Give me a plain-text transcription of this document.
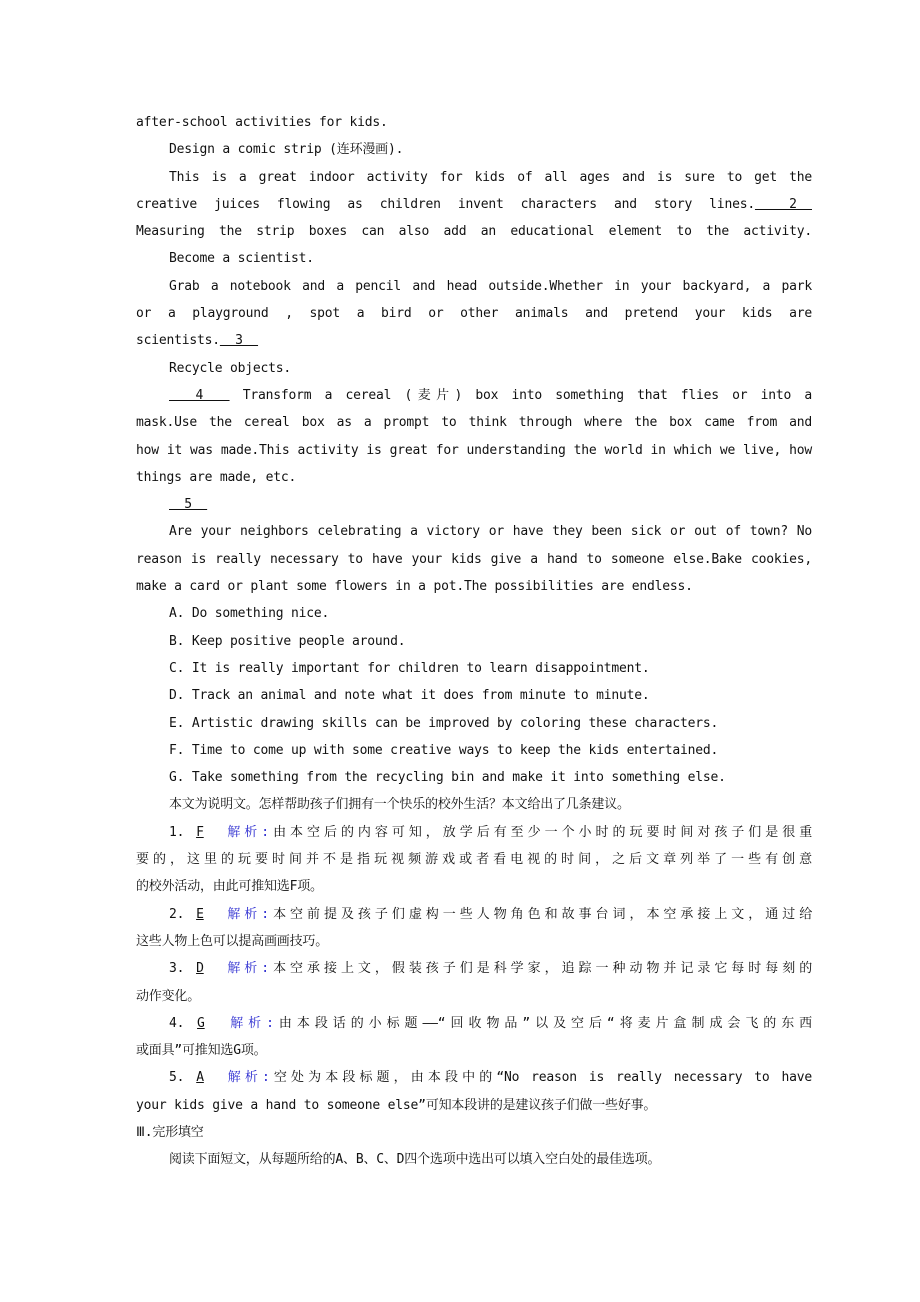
after-school activities for kids.
Design a comic strip (连环漫画).
This is a great indoor activity for kids of all ages and is sure to get the
creative juices flowing as children invent characters and story lines.  2
Measuring the strip boxes can also add an educational element to the activity.
Become a scientist.
Grab a notebook and a pencil and head outside.Whether in your backyard, a park
or a playground , spot a bird or other animals and pretend your kids are
scientists.  3
Recycle objects.
4   Transform a cereal (麦片) box into something that flies or into a
mask.Use the cereal box as a prompt to think through where the box came from and
how it was made.This activity is great for understanding the world in which we live, how
things are made, etc.
5
Are your neighbors celebrating a victory or have they been sick or out of town? No
reason is really necessary to have your kids give a hand to someone else.Bake cookies,
make a card or plant some flowers in a pot.The possibilities are endless.
A. Do something nice.
B. Keep positive people around.
C. It is really important for children to learn disappointment.
D. Track an animal and note what it does from minute to minute.
E. Artistic drawing skills can be improved by coloring these characters.
F. Time to come up with some creative ways to keep the kids entertained.
G. Take something from the recycling bin and make it into something else.
本文为说明文。怎样帮助孩子们拥有一个快乐的校外生活？本文给出了几条建议。
1. F 解析:由本空后的内容可知，放学后有至少一个小时的玩要时间对孩子们是很重
要的，这里的玩要时间并不是指玩视频游戏或者看电视的时间，之后文章列举了一些有创意
的校外活动，由此可推知选F项。
2. E 解析:本空前提及孩子们虚构一些人物角色和故事台词，本空承接上文，通过给
这些人物上色可以提高画画技巧。
3. D 解析:本空承接上文，假装孩子们是科学家，追踪一种动物并记录它每时每刻的
动作变化。
4. G 解析:由本段话的小标题——“回收物品”以及空后“将麦片盒制成会飞的东西
或面具”可推知选G项。
5. A 解析:空处为本段标题，由本段中的“No reason is really necessary to have
your kids give a hand to someone else”可知本段讲的是建议孩子们做一些好事。
Ⅲ.完形填空
阅读下面短文，从每题所给的A、B、C、D四个选项中选出可以填入空白处的最佳选项。
